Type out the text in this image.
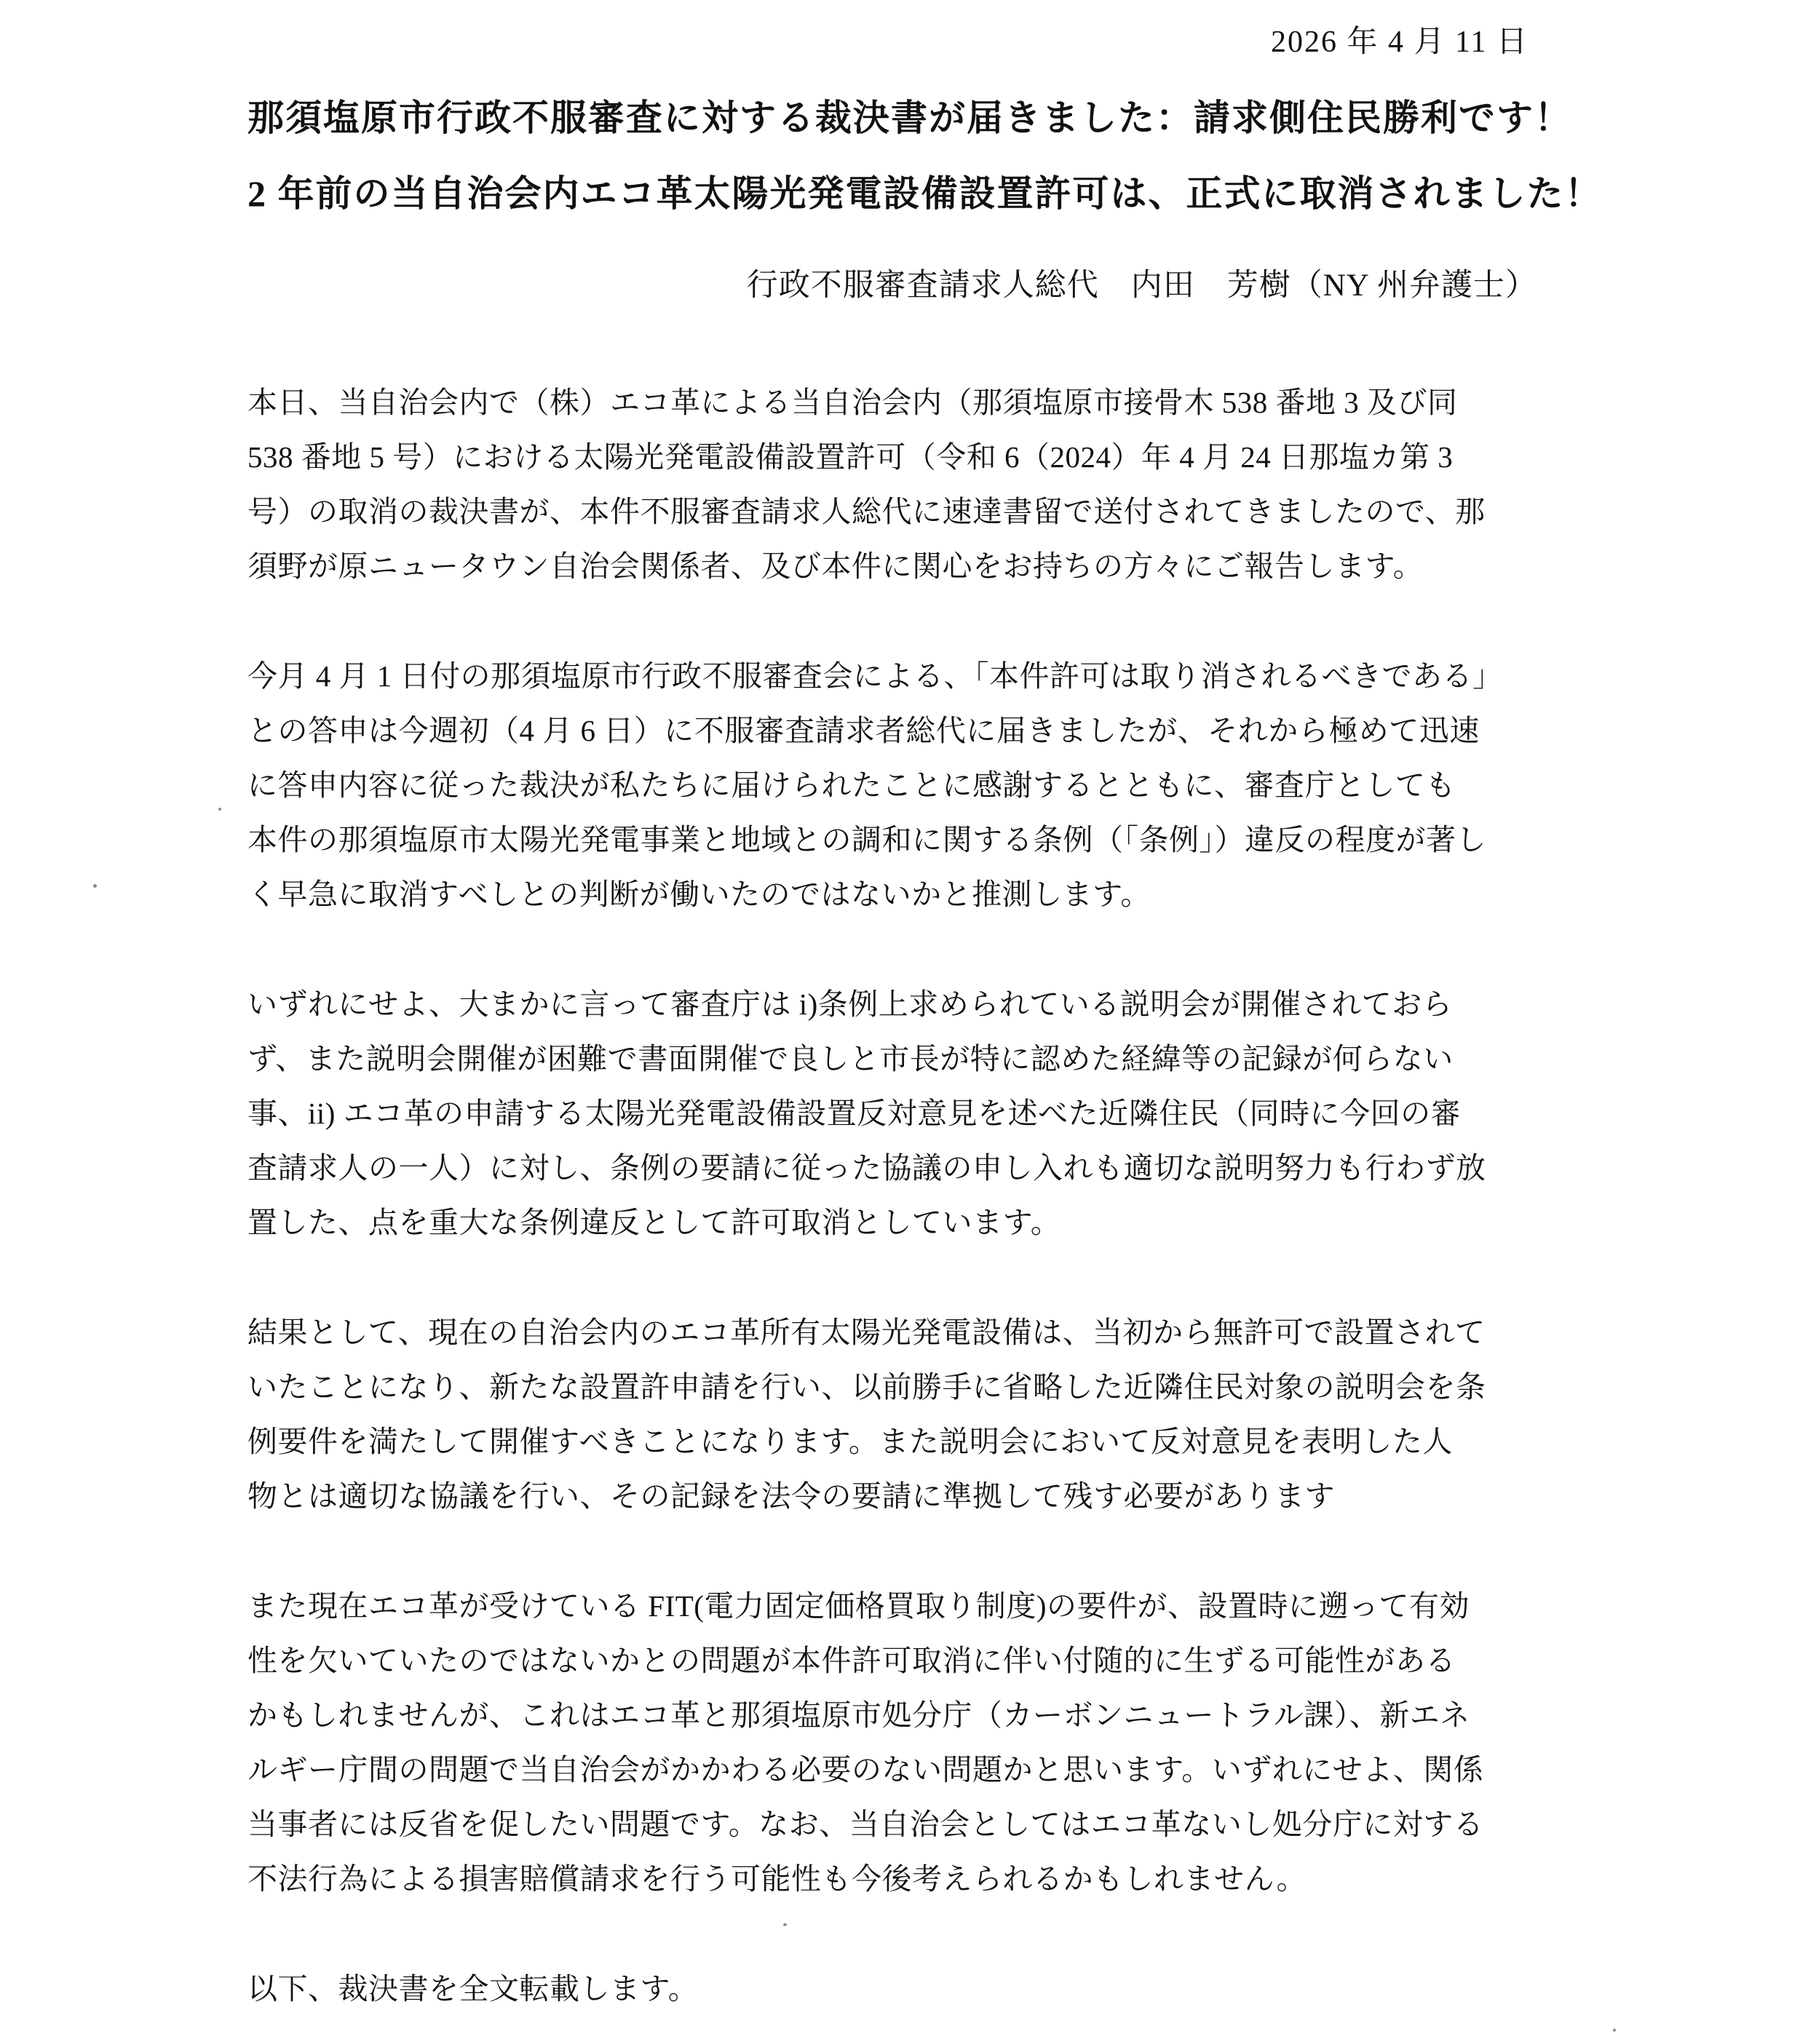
2026 年 4 月 11 日
那須塩原市行政不服審査に対する裁決書が届きました：請求側住民勝利です！
2 年前の当自治会内エコ革太陽光発電設備設置許可は、正式に取消されました！
行政不服審査請求人総代　内田　芳樹（NY 州弁護士）
本日、当自治会内で（株）エコ革による当自治会内（那須塩原市接骨木 538 番地 3 及び同
538 番地 5 号）における太陽光発電設備設置許可（令和 6（2024）年 4 月 24 日那塩カ第 3
号）の取消の裁決書が、本件不服審査請求人総代に速達書留で送付されてきましたので、那
須野が原ニュータウン自治会関係者、及び本件に関心をお持ちの方々にご報告します。
今月 4 月 1 日付の那須塩原市行政不服審査会による、「本件許可は取り消されるべきである」
との答申は今週初（4 月 6 日）に不服審査請求者総代に届きましたが、それから極めて迅速
に答申内容に従った裁決が私たちに届けられたことに感謝するとともに、審査庁としても
本件の那須塩原市太陽光発電事業と地域との調和に関する条例（「条例」）違反の程度が著し
く早急に取消すべしとの判断が働いたのではないかと推測します。
いずれにせよ、大まかに言って審査庁は i)条例上求められている説明会が開催されておら
ず、また説明会開催が困難で書面開催で良しと市長が特に認めた経緯等の記録が何らない
事、ii) エコ革の申請する太陽光発電設備設置反対意見を述べた近隣住民（同時に今回の審
査請求人の一人）に対し、条例の要請に従った協議の申し入れも適切な説明努力も行わず放
置した、点を重大な条例違反として許可取消としています。
結果として、現在の自治会内のエコ革所有太陽光発電設備は、当初から無許可で設置されて
いたことになり、新たな設置許申請を行い、以前勝手に省略した近隣住民対象の説明会を条
例要件を満たして開催すべきことになります。また説明会において反対意見を表明した人
物とは適切な協議を行い、その記録を法令の要請に準拠して残す必要があります
また現在エコ革が受けている FIT(電力固定価格買取り制度)の要件が、設置時に遡って有効
性を欠いていたのではないかとの問題が本件許可取消に伴い付随的に生ずる可能性がある
かもしれませんが、これはエコ革と那須塩原市処分庁（カーボンニュートラル課）、新エネ
ルギー庁間の問題で当自治会がかかわる必要のない問題かと思います。いずれにせよ、関係
当事者には反省を促したい問題です。なお、当自治会としてはエコ革ないし処分庁に対する
不法行為による損害賠償請求を行う可能性も今後考えられるかもしれません。
以下、裁決書を全文転載します。
